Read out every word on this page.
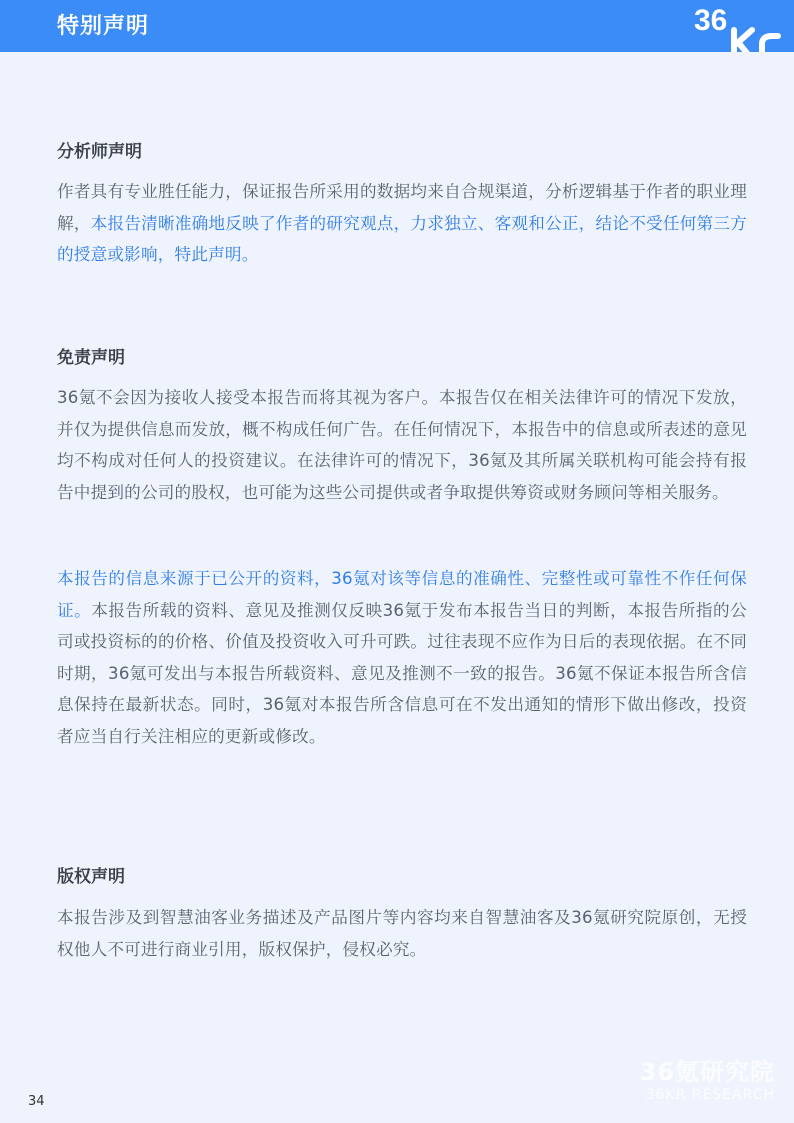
特别声明	36
分析师声明

作者具有专业胜任能力，保证报告所采用的数据均来自合规渠道，分析逻辑基于作者的职业理解，本报告清晰准确地反映了作者的研究观点，力求独立、客观和公正，结论不受任何第三方的授意或影响，特此声明。

免责声明

36氪不会因为接收人接受本报告而将其视为客户。本报告仅在相关法律许可的情况下发放，并仅为提供信息而发放，概不构成任何广告。在任何情况下，本报告中的信息或所表述的意见均不构成对任何人的投资建议。在法律许可的情况下，36氪及其所属关联机构可能会持有报告中提到的公司的股权，也可能为这些公司提供或者争取提供筹资或财务顾问等相关服务。

本报告的信息来源于已公开的资料，36氪对该等信息的准确性、完整性或可靠性不作任何保证。本报告所载的资料、意见及推测仅反映36氪于发布本报告当日的判断，本报告所指的公司或投资标的的价格、价值及投资收入可升可跌。过往表现不应作为日后的表现依据。在不同时期，36氪可发出与本报告所载资料、意见及推测不一致的报告。36氪不保证本报告所含信息保持在最新状态。同时，36氪对本报告所含信息可在不发出通知的情形下做出修改，投资者应当自行关注相应的更新或修改。

版权声明

本报告涉及到智慧油客业务描述及产品图片等内容均来自智慧油客及36氪研究院原创，无授权他人不可进行商业引用，版权保护，侵权必究。

34
36氪研究院
36KR RESEARCH
